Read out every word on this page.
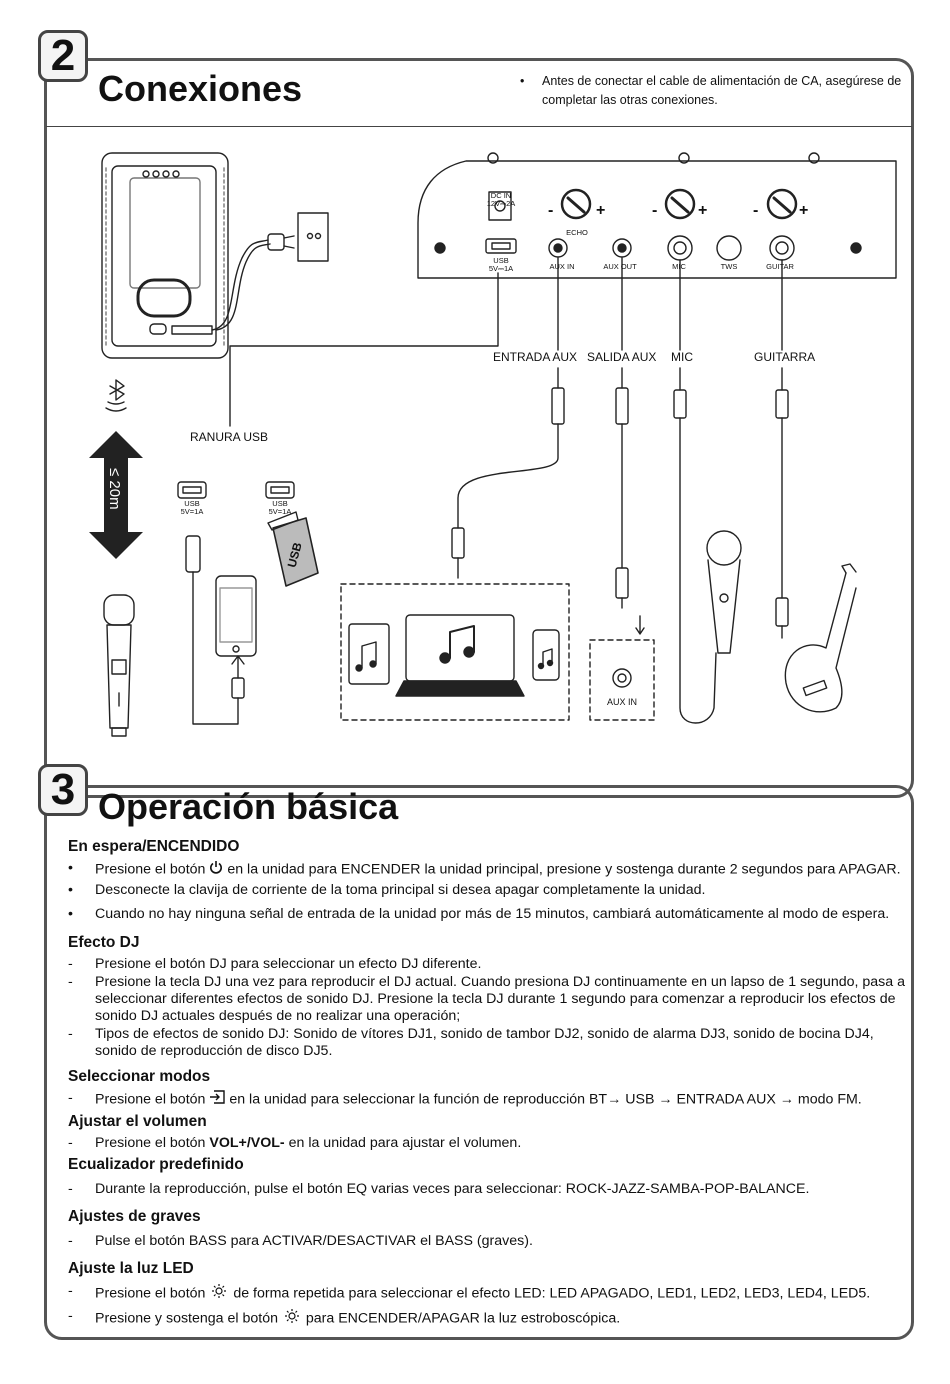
2
Conexiones	• Antes de conectar el cable de alimentación de CA, asegúrese de completar las otras conexiones.
≤ 20m
DC IN
12V⎓2A
USB
5V⎓1A
ECHO
AUX IN	AUX OUT	MIC	TWS	GUITAR
-	+	-	+	-	+
ENTRADA AUX SALIDA AUX MIC	GUITARRA
RANURA USB
USB
5V=1A
USB
5V=1A
USB
AUX IN
3 Operación básica
En espera/ENCENDIDO
• Presione el botón  en la unidad para ENCENDER la unidad principal, presione y sostenga durante 2 segundos para APAGAR.
• Desconecte la clavija de corriente de la toma principal si desea apagar completamente la unidad.
• Cuando no hay ninguna señal de entrada de la unidad por más de 15 minutos, cambiará automáticamente al modo de espera.
Efecto DJ
- Presione el botón DJ para seleccionar un efecto DJ diferente.
- Presione la tecla DJ una vez para reproducir el DJ actual. Cuando presiona DJ continuamente en un lapso de 1 segundo, pasa a seleccionar diferentes efectos de sonido DJ. Presione la tecla DJ durante 1 segundo para comenzar a reproducir los efectos de sonido DJ actuales después de no realizar una operación;
- Tipos de efectos de sonido DJ: Sonido de vítores DJ1, sonido de tambor DJ2, sonido de alarma DJ3, sonido de bocina DJ4, sonido de reproducción de disco DJ5.
Seleccionar modos
- Presione el botón  en la unidad para seleccionar la función de reproducción BT→ USB → ENTRADA AUX → modo FM.
Ajustar el volumen
- Presione el botón VOL+/VOL- en la unidad para ajustar el volumen.
Ecualizador predefinido
- Durante la reproducción, pulse el botón EQ varias veces para seleccionar: ROCK-JAZZ-SAMBA-POP-BALANCE.
Ajustes de graves
- Pulse el botón BASS para ACTIVAR/DESACTIVAR el BASS (graves).
Ajuste la luz LED
- Presione el botón  de forma repetida para seleccionar el efecto LED: LED APAGADO, LED1, LED2, LED3, LED4, LED5.
- Presione y sostenga el botón  para ENCENDER/APAGAR la luz estroboscópica.
